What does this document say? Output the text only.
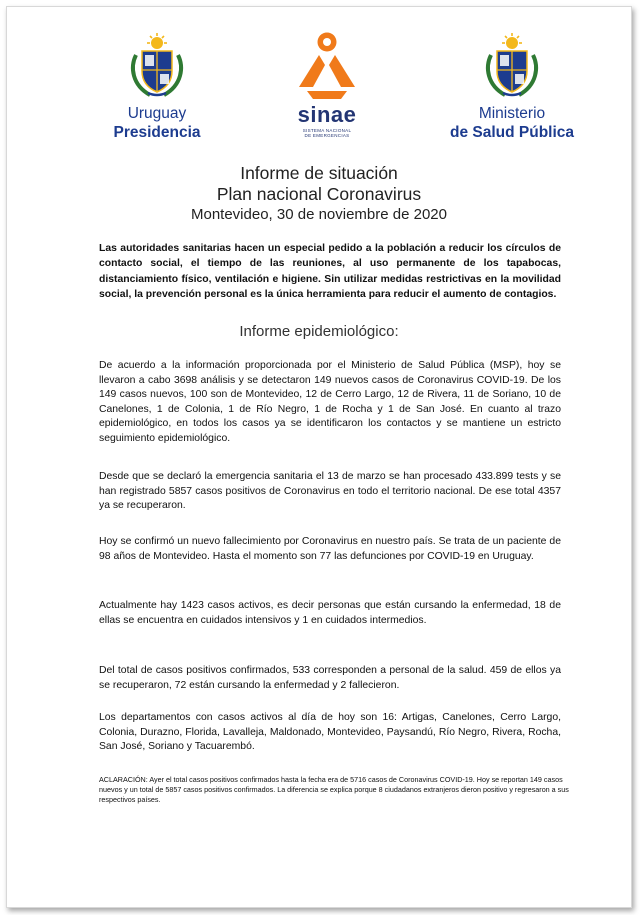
Uruguay
Presidencia
sinae
SISTEMA NACIONAL
DE EMERGENCIAS
Ministerio
de Salud Pública
Informe de situación
Plan nacional Coronavirus
Montevideo, 30 de noviembre de 2020
Las autoridades sanitarias hacen un especial pedido a la población a reducir los círculos de contacto social, el tiempo de las reuniones, al uso permanente de los tapabocas, distanciamiento físico, ventilación e higiene. Sin utilizar medidas restrictivas en la movilidad social, la prevención personal es la única herramienta para reducir el aumento de contagios.
Informe epidemiológico:
De acuerdo a la información proporcionada por el Ministerio de Salud Pública (MSP), hoy se llevaron a cabo 3698 análisis y se detectaron 149 nuevos casos de Coronavirus COVID-19. De los 149 casos nuevos, 100 son de Montevideo, 12 de Cerro Largo, 12 de Rivera, 11 de Soriano, 10 de Canelones, 1 de Colonia, 1 de Río Negro, 1 de Rocha y 1 de San José. En cuanto al trazo epidemiológico, en todos los casos ya se identificaron los contactos y se mantiene un estricto seguimiento epidemiológico.
Desde que se declaró la emergencia sanitaria el 13 de marzo se han procesado 433.899 tests y se han registrado 5857 casos positivos de Coronavirus en todo el territorio nacional. De ese total 4357 ya se recuperaron.
Hoy se confirmó un nuevo fallecimiento por Coronavirus en nuestro país. Se trata de un paciente de 98 años de Montevideo. Hasta el momento son 77 las defunciones por COVID-19 en Uruguay.
Actualmente hay 1423 casos activos, es decir personas que están cursando la enfermedad, 18 de ellas se encuentra en cuidados intensivos y 1 en cuidados intermedios.
Del total de casos positivos confirmados, 533 corresponden a personal de la salud. 459 de ellos ya se recuperaron, 72 están cursando la enfermedad y 2 fallecieron.
Los departamentos con casos activos al día de hoy son 16: Artigas, Canelones, Cerro Largo, Colonia, Durazno, Florida, Lavalleja, Maldonado, Montevideo, Paysandú, Río Negro, Rivera, Rocha, San José, Soriano y Tacuarembó.
ACLARACIÓN: Ayer el total casos positivos confirmados hasta la fecha era de 5716 casos de Coronavirus COVID-19. Hoy se reportan 149 casos nuevos y un total de 5857 casos positivos confirmados. La diferencia se explica porque 8 ciudadanos extranjeros dieron positivo y regresaron a sus respectivos países.
